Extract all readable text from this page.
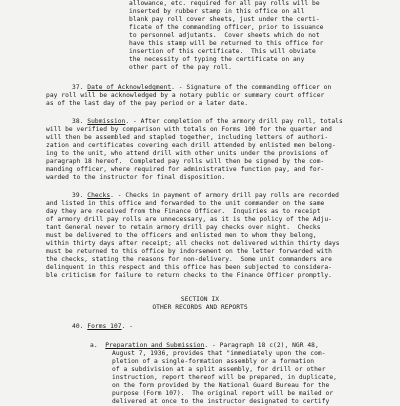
allowance, etc. required for all pay rolls will be
inserted by rubber stamp in this office on all
blank pay roll cover sheets, just under the certi-
ficate of the commanding officer, prior to issuance
to personnel adjutants.  Cover sheets which do not
have this stamp will be returned to this office for
insertion of this certificate.  This will obviate
the necessity of typing the certificate on any
other part of the pay roll.
37. Date of Acknowledgment. - Signature of the commanding officer on
pay roll will be acknowledged by a notary public or summary court officer
as of the last day of the pay period or a later date.
38. Submission. - After completion of the armory drill pay roll, totals
will be verified by comparison with totals on Forms 100 for the quarter and
will then be assembled and stapled together, including letters of authori-
zation and certificates covering each drill attended by enlisted men belong-
ing to the unit, who attend drill with other units under the provisions of
paragraph 18 hereof.  Completed pay rolls will then be signed by the com-
manding officer, where required for administrative function pay, and for-
warded to the instructor for final disposition.
39. Checks. - Checks in payment of armory drill pay rolls are recorded
and listed in this office and forwarded to the unit commander on the same
day they are received from the Finance Officer.  Inquiries as to receipt
of armory drill pay rolls are unnecessary, as it is the policy of the Adju-
tant General never to retain armory drill pay checks over night.  Checks
must be delivered to the officers and enlisted men to whom they belong,
within thirty days after receipt; all checks not delivered within thirty days
must be returned to this office by indorsement on the letter forwarded with
the checks, stating the reasons for non-delivery.  Some unit commanders are
delinquent in this respect and this office has been subjected to considera-
ble criticism for failure to return checks to the Finance Officer promptly.
SECTION IX
OTHER RECORDS AND REPORTS
40. Forms 107. -
a. Preparation and Submission. - Paragraph 18 c(2), NGR 48,
August 7, 1936, provides that "immediately upon the com-
pletion of a single-formation assembly or a formation
of a subdivision at a split assembly, for drill or other
instruction, report thereof will be prepared, in duplicate,
on the form provided by the National Guard Bureau for the
purpose (Form 107).  The original report will be mailed or
delivered at once to the instructor designated to certify
